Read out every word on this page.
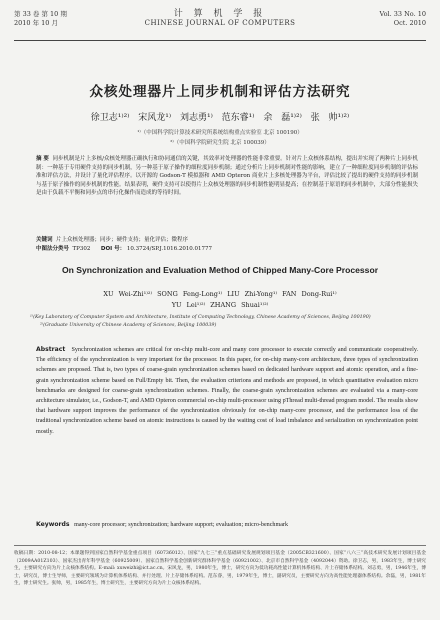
第 33 卷 第 10 期
2010 年 10 月
计 算 机 学 报
CHINESE JOURNAL OF COMPUTERS
Vol. 33 No. 10
Oct. 2010
众核处理器片上同步机制和评估方法研究
徐卫志¹⁾²⁾ 宋风龙¹⁾ 刘志勇¹⁾ 范东睿¹⁾ 余 磊¹⁾²⁾ 张 帅¹⁾²⁾
¹⁾（中国科学院计算技术研究所系统结构重点实验室 北京 100190）
²⁾（中国科学院研究生院 北京 100039）
摘 要 同步机制是片上多核/众核处理器正确执行和协同通信的关键，其效率对处理器的性能非常重要。针对片上众核体系结构，提出并实现了两种片上同步机制：一种基于专用硬件支持的同步机制，另一种基于原子操作的细粒度同步机制；通过分析片上同步机制对性能的影响，建立了一种细粒度同步机制的评估标准和评估方法，并设计了量化评估程序。以开源的 Godson-T 模拟器和 AMD Opteron 商业片上多核处理器为平台，评估比较了提出的硬件支持的同步机制与基于原子操作的同步机制的性能。结果表明，硬件支持可以使得片上众核处理器的同步机制性能明显提高；在控制基于原语的同步机制中，大部分性能损失是由于负载不平衡和同步点的串行化操作而造成的等待时间。
关键词 片上众核处理器；同步；硬件支持；量化评估；微程序
中图法分类号 TP302 DOI 号： 10.3724/SP.J.1016.2010.01777
On Synchronization and Evaluation Method of Chipped Many-Core Processor
XU Wei-Zhi¹⁾²⁾ SONG Feng-Long¹⁾ LIU Zhi-Yong¹⁾ FAN Dong-Rui¹⁾
YU Lei¹⁾²⁾ ZHANG Shuai¹⁾²⁾
¹⁾(Key Laboratory of Computer System and Architecture, Institute of Computing Technology, Chinese Academy of Sciences, Beijing 100190)
²⁾(Graduate University of Chinese Academy of Sciences, Beijing 100039)
Abstract Synchronization schemes are critical for on-chip multi-core and many core processor to execute correctly and communicate cooperatively. The efficiency of the synchronization is very important for the processor. In this paper, for on-chip many-core architecture, three types of synchronization schemes are proposed. That is, two types of coarse-grain synchronization schemes based on dedicated hardware support and atomic operation, and a fine-grain synchronization scheme based on Full/Empty bit. Then, the evaluation criterions and methods are proposed, in which quantitative evaluation micro benchmarks are designed for coarse-grain synchronization schemes. Finally, the coarse-grain synchronization schemes are evaluated via a many-core architecture simulator, i.e., Godson-T, and AMD Opteron commercial on-chip multi-processor using pThread multi-thread program model. The results show that hardware support improves the performance of the synchronization obviously for on-chip many-core processor, and the performance loss of the traditional synchronization scheme based on atomic instructions is caused by the waiting cost of load imbalance and serialization on synchronization point mostly.
Keywords many-core processor; synchronization; hardware support; evaluation; micro-benchmark
收稿日期：2010-08-12；本课题得到国家自然科学基金重点项目（60736012）、国家“九七三”重点基础研究发展规划项目基金（2005CB321600）、国家“八六三”高技术研究发展计划项目基金（2009AA01Z103）、国家杰出青年科学基金（60925009）、国家自然科学基金创新研究群体科学基金（60921002）、北京市自然科学基金（4092044）资助。徐卫志，男，1983年生，博士研究生，主要研究方向为片上众核体系结构。E-mail: xuweizhi@ict.ac.cn。宋风龙，男，1980年生，博士，研究方向为低功耗高性能计算机体系结构、片上存储体系结构。刘志勇，男，1946年生，博士，研究员，博士生导师，主要研究领域为计算机体系结构、并行处理、片上存储体系结构。范东睿，男，1979年生，博士，副研究员，主要研究方向为高性能处理器体系结构。余磊，男，1981年生，博士研究生。张帅，男，1985年生，博士研究生，主要研究方向为片上众核体系结构。
